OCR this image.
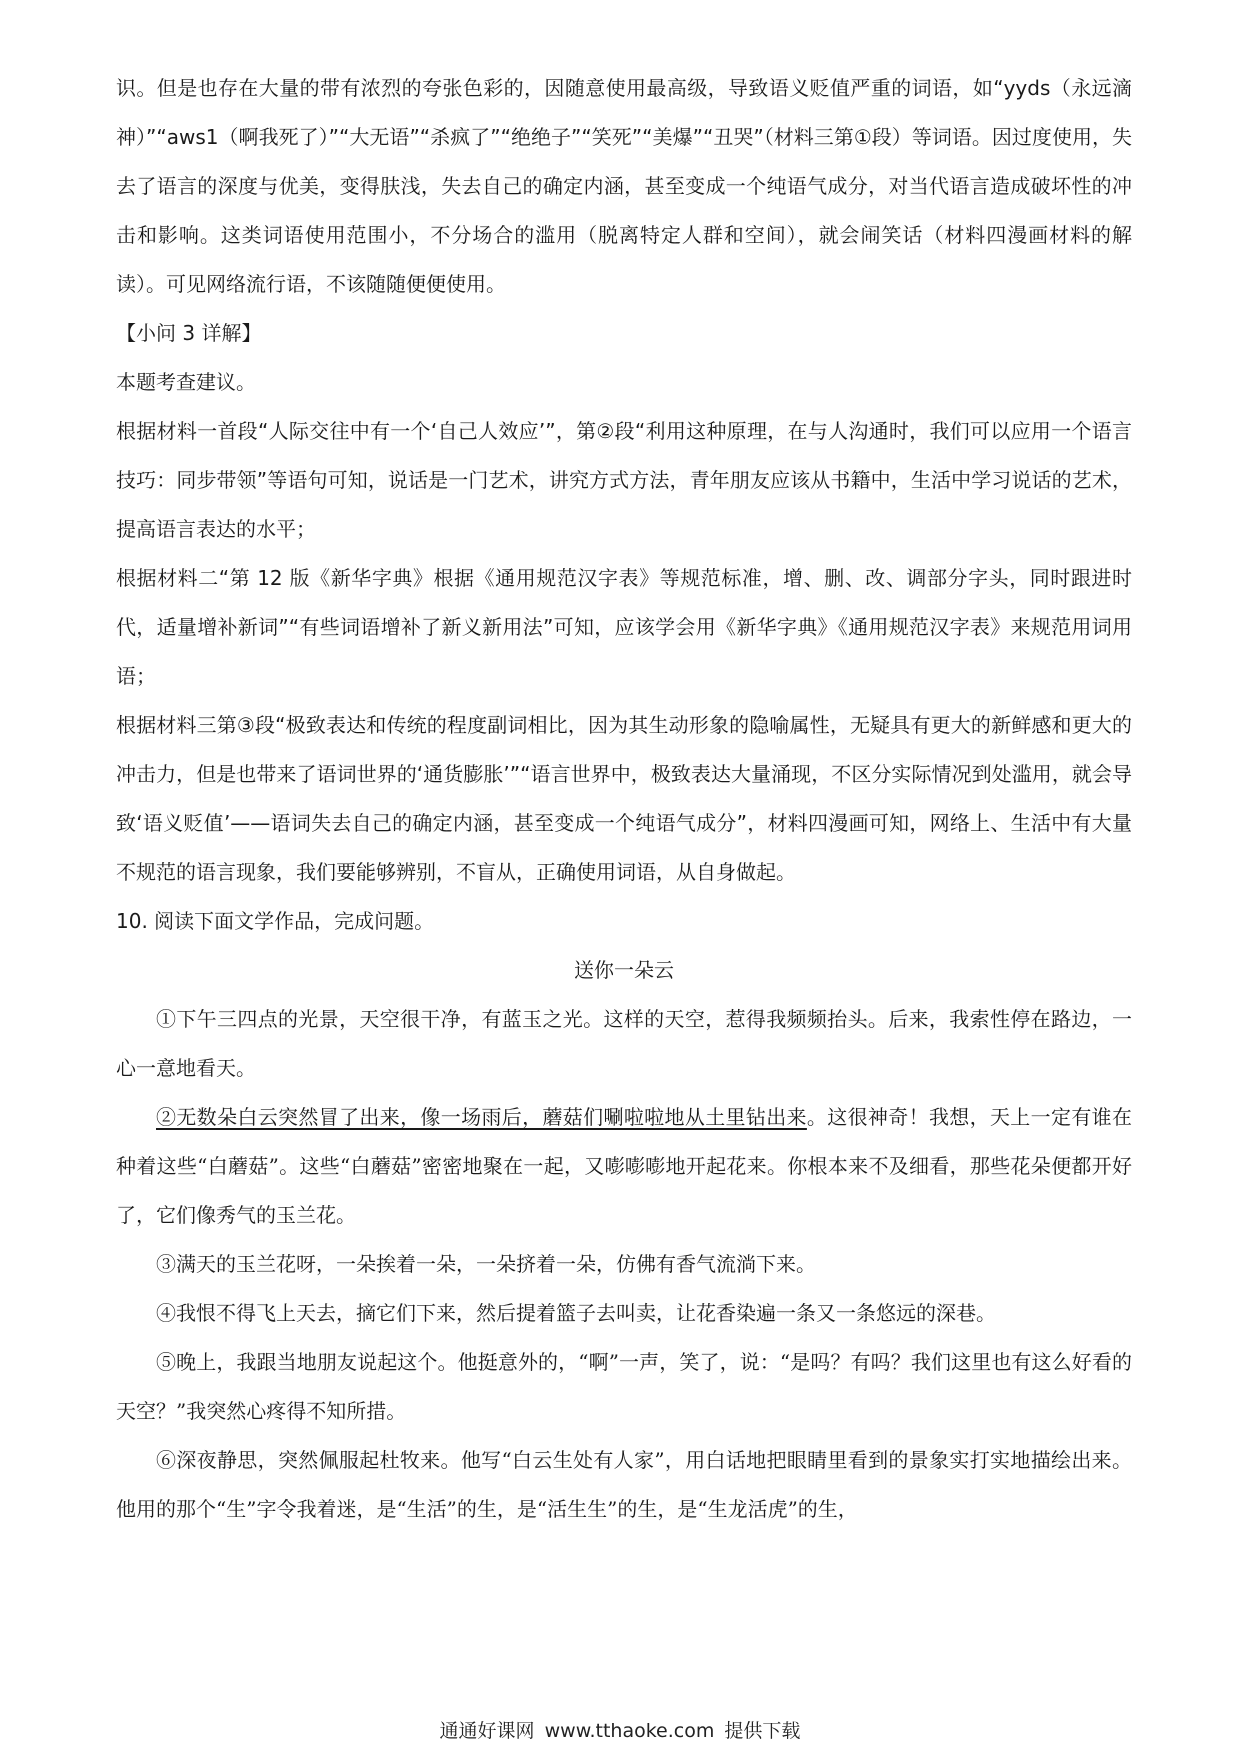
识。但是也存在大量的带有浓烈的夸张色彩的，因随意使用最高级，导致语义贬值严重的词语，如“yyds（永远滴神）”“aws1（啊我死了）”“大无语”“杀疯了”“绝绝子”“笑死”“美爆”“丑哭”（材料三第①段）等词语。因过度使用，失去了语言的深度与优美，变得肤浅，失去自己的确定内涵，甚至变成一个纯语气成分，对当代语言造成破坏性的冲击和影响。这类词语使用范围小，不分场合的滥用（脱离特定人群和空间），就会闹笑话（材料四漫画材料的解读）。可见网络流行语，不该随随便便使用。

【小问 3 详解】

本题考查建议。

根据材料一首段“人际交往中有一个‘自己人效应’”，第②段“利用这种原理，在与人沟通时，我们可以应用一个语言技巧：同步带领”等语句可知，说话是一门艺术，讲究方式方法，青年朋友应该从书籍中，生活中学习说话的艺术，提高语言表达的水平；

根据材料二“第 12 版《新华字典》根据《通用规范汉字表》等规范标准，增、删、改、调部分字头，同时跟进时代，适量增补新词”“有些词语增补了新义新用法”可知，应该学会用《新华字典》《通用规范汉字表》来规范用词用语；

根据材料三第③段“极致表达和传统的程度副词相比，因为其生动形象的隐喻属性，无疑具有更大的新鲜感和更大的冲击力，但是也带来了语词世界的‘通货膨胀’”“语言世界中，极致表达大量涌现，不区分实际情况到处滥用，就会导致‘语义贬值’——语词失去自己的确定内涵，甚至变成一个纯语气成分”，材料四漫画可知，网络上、生活中有大量不规范的语言现象，我们要能够辨别，不盲从，正确使用词语，从自身做起。

10. 阅读下面文学作品，完成问题。

送你一朵云

①下午三四点的光景，天空很干净，有蓝玉之光。这样的天空，惹得我频频抬头。后来，我索性停在路边，一心一意地看天。

②无数朵白云突然冒了出来，像一场雨后，蘑菇们唰啦啦地从土里钻出来。这很神奇！我想，天上一定有谁在种着这些“白蘑菇”。这些“白蘑菇”密密地聚在一起，又嘭嘭嘭地开起花来。你根本来不及细看，那些花朵便都开好了，它们像秀气的玉兰花。

③满天的玉兰花呀，一朵挨着一朵，一朵挤着一朵，仿佛有香气流淌下来。

④我恨不得飞上天去，摘它们下来，然后提着篮子去叫卖，让花香染遍一条又一条悠远的深巷。

⑤晚上，我跟当地朋友说起这个。他挺意外的，“啊”一声，笑了，说：“是吗？有吗？我们这里也有这么好看的天空？”我突然心疼得不知所措。

⑥深夜静思，突然佩服起杜牧来。他写“白云生处有人家”，用白话地把眼睛里看到的景象实打实地描绘出来。他用的那个“生”字令我着迷，是“生活”的生，是“活生生”的生，是“生龙活虎”的生，

通通好课网 www.tthaoke.com 提供下载
